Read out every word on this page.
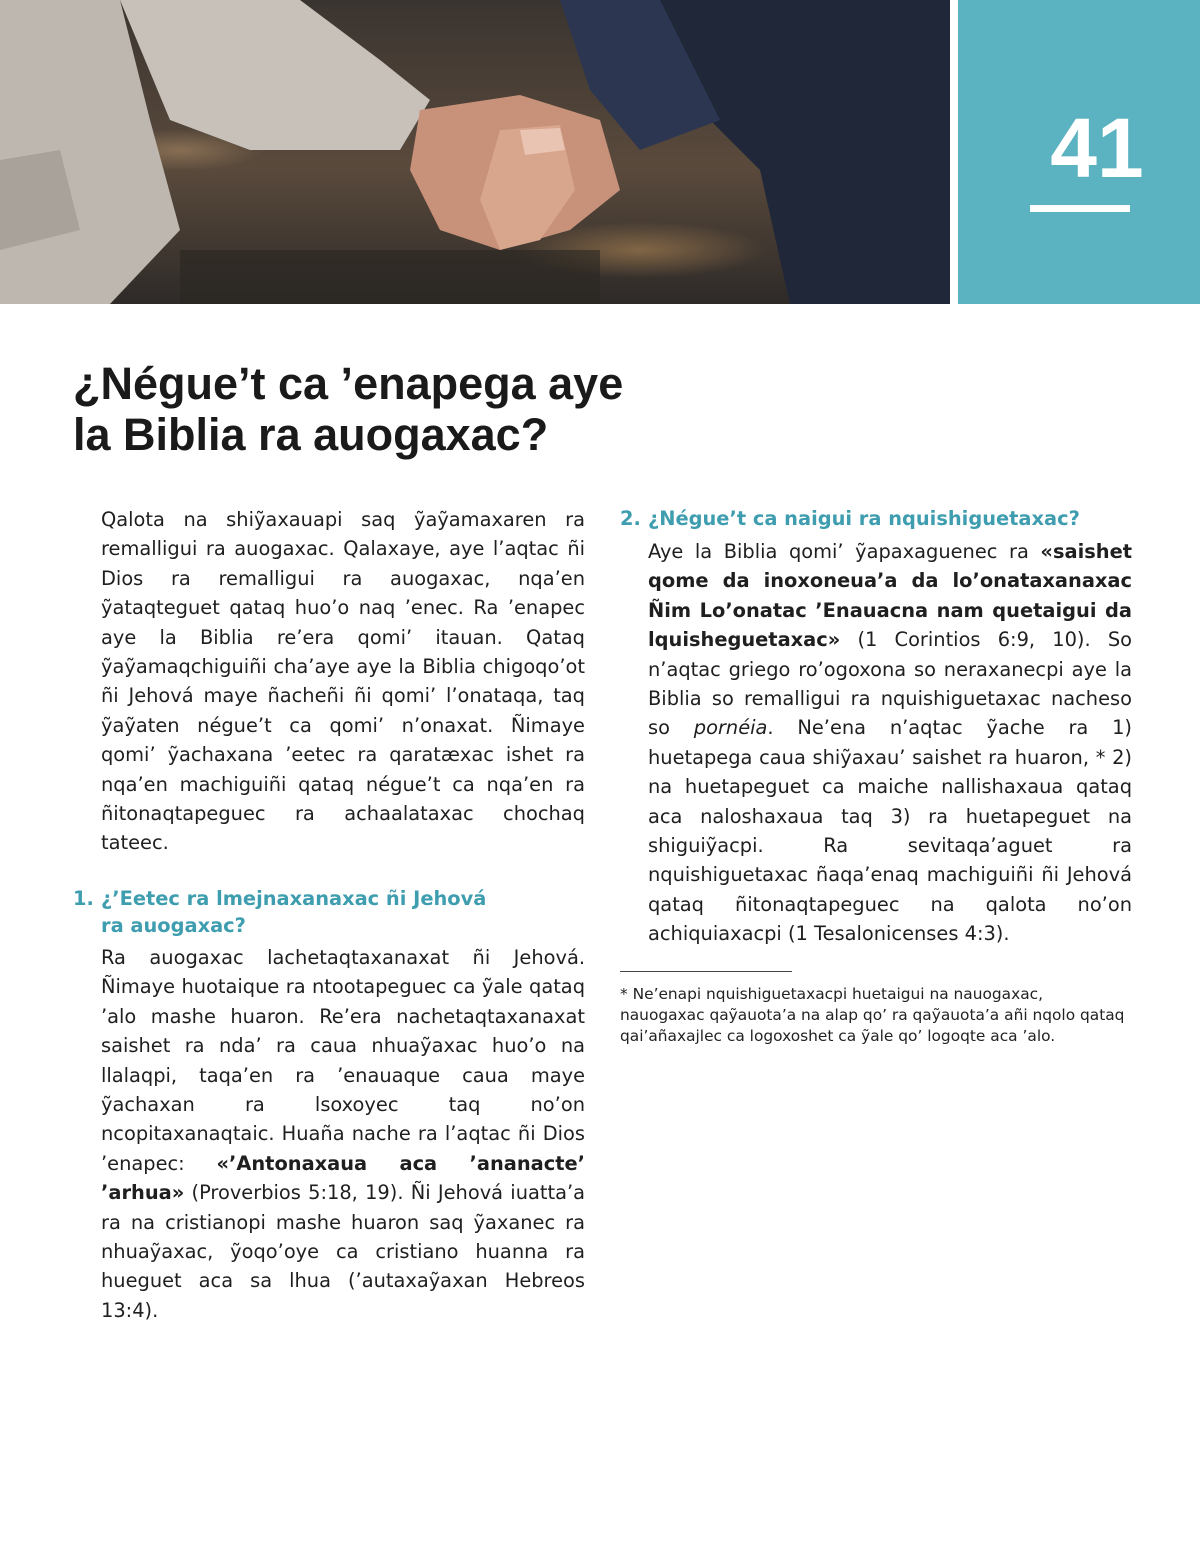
41
¿Négue’t ca ’enapega aye
la Biblia ra auogaxac?

Qalota na shiỹaxauapi saq ỹaỹamaxaren ra remalligui ra auogaxac. Qalaxaye, aye l’aqtac ñi Dios ra remalligui ra auogaxac, nqa’en ỹataqteguet qataq huo’o naq ’enec. Ra ’enapec aye la Biblia re’era qomi’ itauan. Qataq ỹaỹamaqchiguiñi cha’aye aye la Biblia chigoqo’ot ñi Jehová maye ñacheñi ñi qomi’ l’onataqa, taq ỹaỹaten négue’t ca qomi’ n’onaxat. Ñimaye qomi’ ỹachaxana ’eetec ra qaratæxac ishet ra nqa’en machiguiñi qataq négue’t ca nqa’en ra ñitonaqtapeguec ra achaalataxac chochaq tateec.

1. ¿’Eetec ra lmejnaxanaxac ñi Jehová
ra auogaxac?

Ra auogaxac lachetaqtaxanaxat ñi Jehová. Ñimaye huotaique ra ntootapeguec ca ỹale qataq ’alo mashe huaron. Re’era nachetaqtaxanaxat saishet ra nda’ ra caua nhuaỹaxac huo’o na llalaqpi, taqa’en ra ’enauaque caua maye ỹachaxan ra lsoxoyec taq no’on ncopitaxanaqtaic. Huaña nache ra l’aqtac ñi Dios ’enapec: «’Antonaxaua aca ’ananacte’ ’arhua» (Proverbios 5:18, 19). Ñi Jehová iuatta’a ra na cristianopi mashe huaron saq ỹaxanec ra nhuaỹaxac, ỹoqo’oye ca cristiano huanna ra hueguet aca sa lhua (’autaxaỹaxan Hebreos 13:4).

2. ¿Négue’t ca naigui ra nquishiguetaxac?

Aye la Biblia qomi’ ỹapaxaguenec ra «saishet qome da inoxoneua’a da lo’onataxanaxac Ñim Lo’onatac ’Enauacna nam quetaigui da lquisheguetaxac» (1 Corintios 6:9, 10). So n’aqtac griego ro’ogoxona so neraxanecpi aye la Biblia so remalligui ra nquishiguetaxac nacheso so pornéia. Ne’ena n’aqtac ỹache ra 1) huetapega caua shiỹaxau’ saishet ra huaron, * 2) na huetapeguet ca maiche nallishaxaua qataq aca naloshaxaua taq 3) ra huetapeguet na shiguiỹacpi. Ra sevitaqa’aguet ra nquishiguetaxac ñaqa’enaq machiguiñi ñi Jehová qataq ñitonaqtapeguec na qalota no’on achiquiaxacpi (1 Tesalonicenses 4:3).

* Ne’enapi nquishiguetaxacpi huetaigui na nauogaxac, nauogaxac qaỹauota’a na alap qo’ ra qaỹauota’a añi nqolo qataq qai’añaxajlec ca logoxoshet ca ỹale qo’ logoqte aca ’alo.
